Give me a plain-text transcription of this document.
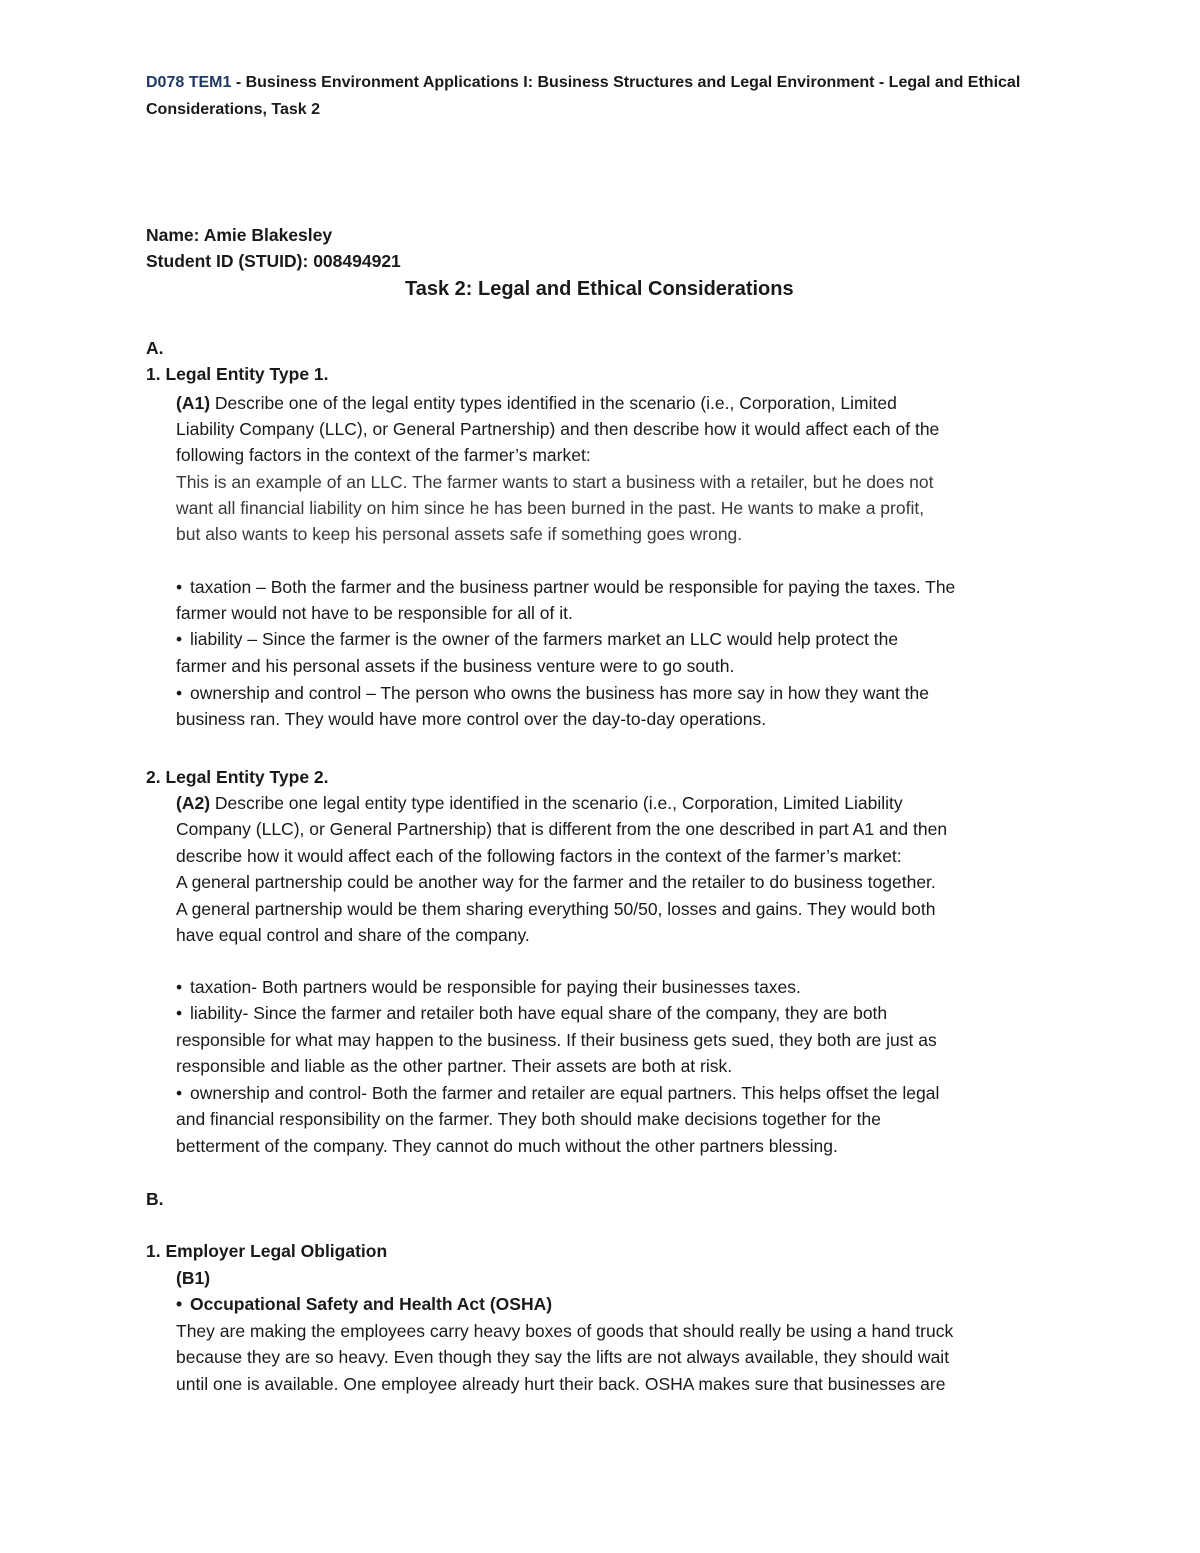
D078 TEM1 - Business Environment Applications I: Business Structures and Legal Environment - Legal and Ethical
Considerations, Task 2
Name: Amie Blakesley
Student ID (STUID): 008494921
Task 2: Legal and Ethical Considerations
A.
1. Legal Entity Type 1.
(A1) Describe one of the legal entity types identified in the scenario (i.e., Corporation, Limited
Liability Company (LLC), or General Partnership) and then describe how it would affect each of the
following factors in the context of the farmer’s market:
This is an example of an LLC. The farmer wants to start a business with a retailer, but he does not
want all financial liability on him since he has been burned in the past. He wants to make a profit,
but also wants to keep his personal assets safe if something goes wrong.
• taxation – Both the farmer and the business partner would be responsible for paying the taxes. The
farmer would not have to be responsible for all of it.
• liability – Since the farmer is the owner of the farmers market an LLC would help protect the
farmer and his personal assets if the business venture were to go south.
• ownership and control – The person who owns the business has more say in how they want the
business ran. They would have more control over the day-to-day operations.
2. Legal Entity Type 2.
(A2) Describe one legal entity type identified in the scenario (i.e., Corporation, Limited Liability
Company (LLC), or General Partnership) that is different from the one described in part A1 and then
describe how it would affect each of the following factors in the context of the farmer’s market:
A general partnership could be another way for the farmer and the retailer to do business together.
A general partnership would be them sharing everything 50/50, losses and gains. They would both
have equal control and share of the company.
• taxation- Both partners would be responsible for paying their businesses taxes.
• liability- Since the farmer and retailer both have equal share of the company, they are both
responsible for what may happen to the business. If their business gets sued, they both are just as
responsible and liable as the other partner. Their assets are both at risk.
• ownership and control- Both the farmer and retailer are equal partners. This helps offset the legal
and financial responsibility on the farmer. They both should make decisions together for the
betterment of the company. They cannot do much without the other partners blessing.
B.
1. Employer Legal Obligation
(B1)
• Occupational Safety and Health Act (OSHA)
They are making the employees carry heavy boxes of goods that should really be using a hand truck
because they are so heavy. Even though they say the lifts are not always available, they should wait
until one is available. One employee already hurt their back. OSHA makes sure that businesses are
